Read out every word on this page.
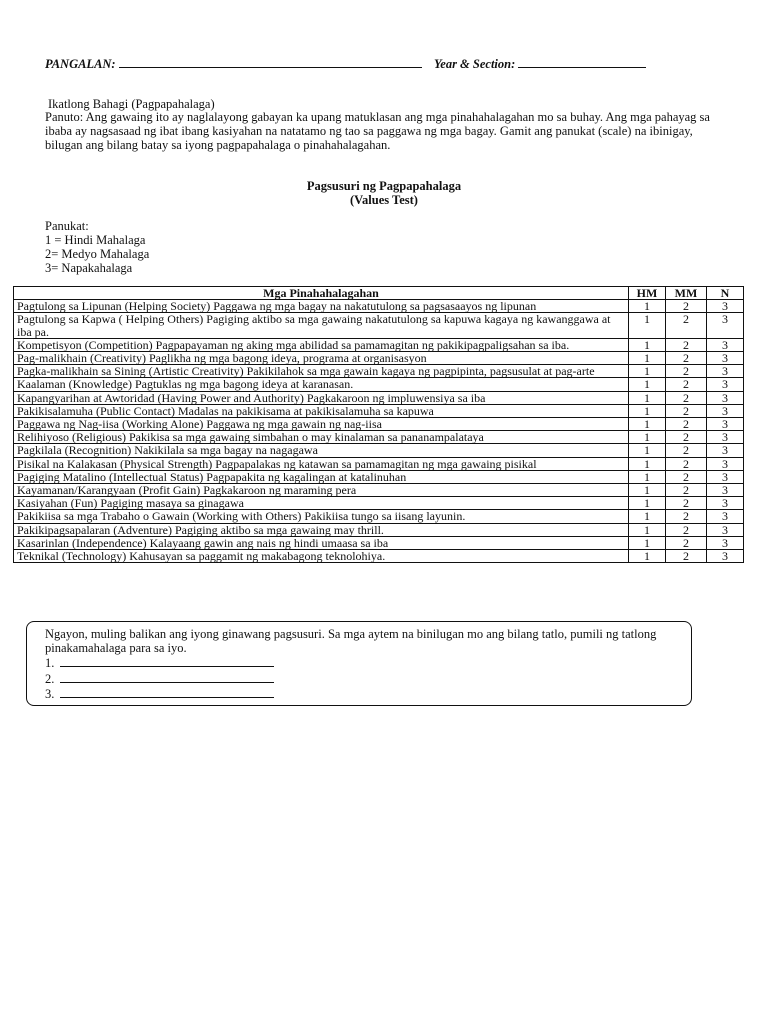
PANGALAN:	Year & Section:
Ikatlong Bahagi (Pagpapahalaga)
Panuto: Ang gawaing ito ay naglalayong gabayan ka upang matuklasan ang mga pinahahalagahan mo sa buhay. Ang mga pahayag sa ibaba ay nagsasaad ng ibat ibang kasiyahan na natatamo ng tao sa paggawa ng mga bagay. Gamit ang panukat (scale) na ibinigay, bilugan ang bilang batay sa iyong pagpapahalaga o pinahahalagahan.
Pagsusuri ng Pagpapahalaga
(Values Test)
Panukat:
1 = Hindi Mahalaga
2= Medyo Mahalaga
3= Napakahalaga
Mga Pinahahalagahan	HM	MM	N
Pagtulong sa Lipunan (Helping Society) Paggawa ng mga bagay na nakatutulong sa pagsasaayos ng lipunan	1	2	3
Pagtulong sa Kapwa ( Helping Others) Pagiging aktibo sa mga gawaing nakatutulong sa kapuwa kagaya ng kawanggawa at iba pa.	1	2	3
Kompetisyon (Competition) Pagpapayaman ng aking mga abilidad sa pamamagitan ng pakikipagpaligsahan sa iba.	1	2	3
Pag-malikhain (Creativity) Paglikha ng mga bagong ideya, programa at organisasyon	1	2	3
Pagka-malikhain sa Sining (Artistic Creativity) Pakikilahok sa mga gawain kagaya ng pagpipinta, pagsusulat at pag-arte	1	2	3
Kaalaman (Knowledge) Pagtuklas ng mga bagong ideya at karanasan.	1	2	3
Kapangyarihan at Awtoridad (Having Power and Authority) Pagkakaroon ng impluwensiya sa iba	1	2	3
Pakikisalamuha (Public Contact) Madalas na pakikisama at pakikisalamuha sa kapuwa	1	2	3
Paggawa ng Nag-iisa (Working Alone) Paggawa ng mga gawain ng nag-iisa	1	2	3
Relihiyoso (Religious) Pakikisa sa mga gawaing simbahan o may kinalaman sa pananampalataya	1	2	3
Pagkilala (Recognition) Nakikilala sa mga bagay na nagagawa	1	2	3
Pisikal na Kalakasan (Physical Strength) Pagpapalakas ng katawan sa pamamagitan ng mga gawaing pisikal	1	2	3
Pagiging Matalino (Intellectual Status) Pagpapakita ng kagalingan at katalinuhan	1	2	3
Kayamanan/Karangyaan (Profit Gain) Pagkakaroon ng maraming pera	1	2	3
Kasiyahan (Fun) Pagiging masaya sa ginagawa	1	2	3
Pakikiisa sa mga Trabaho o Gawain (Working with Others) Pakikiisa tungo sa iisang layunin.	1	2	3
Pakikipagsapalaran (Adventure) Pagiging aktibo sa mga gawaing may thrill.	1	2	3
Kasarinlan (Independence) Kalayaang gawin ang nais ng hindi umaasa sa iba	1	2	3
Teknikal (Technology) Kahusayan sa paggamit ng makabagong teknolohiya.	1	2	3
Ngayon, muling balikan ang iyong ginawang pagsusuri. Sa mga aytem na binilugan mo ang bilang tatlo, pumili ng tatlong pinakamahalaga para sa iyo.
1.
2.
3.
